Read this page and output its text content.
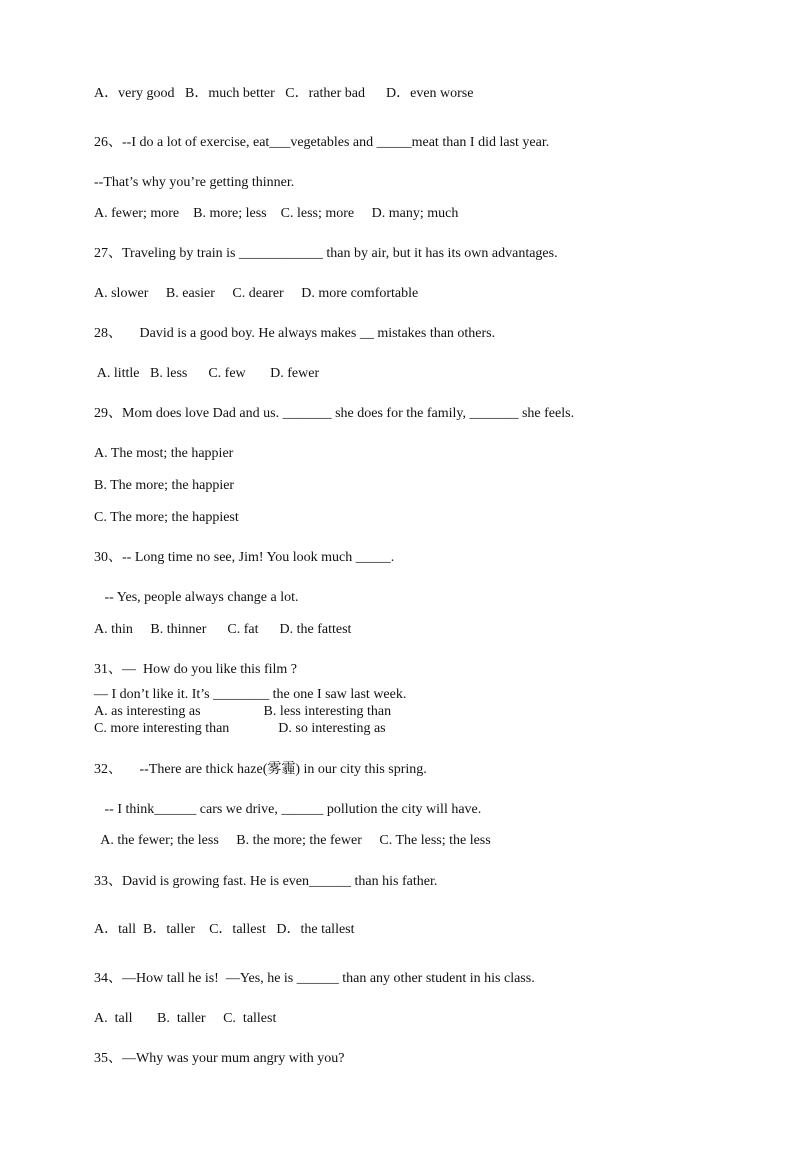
A．very good   B．much better   C．rather bad      D．even worse

26、--I do a lot of exercise, eat___vegetables and _____meat than I did last year.

--That’s why you’re getting thinner.

A. fewer; more    B. more; less    C. less; more     D. many; much

27、Traveling by train is ____________ than by air, but it has its own advantages.

A. slower     B. easier     C. dearer     D. more comfortable

28、     David is a good boy. He always makes __ mistakes than others.

A. little   B. less      C. few       D. fewer

29、Mom does love Dad and us. _______ she does for the family, _______ she feels.

A. The most; the happier

B. The more; the happier

C. The more; the happiest

30、-- Long time no see, Jim! You look much _____.

-- Yes, people always change a lot.

A. thin     B. thinner      C. fat      D. the fattest

31、—  How do you like this film ?

— I don’t like it. It’s ________ the one I saw last week.

A. as interesting as                  B. less interesting than

C. more interesting than              D. so interesting as

32、     --There are thick haze(雾霾) in our city this spring.

-- I think______ cars we drive, ______ pollution the city will have.

A. the fewer; the less     B. the more; the fewer     C. The less; the less

33、David is growing fast. He is even______ than his father.

A．tall  B．taller    C．tallest   D．the tallest

34、—How tall he is!  —Yes, he is ______ than any other student in his class.

A.  tall       B.  taller     C.  tallest

35、—Why was your mum angry with you?
